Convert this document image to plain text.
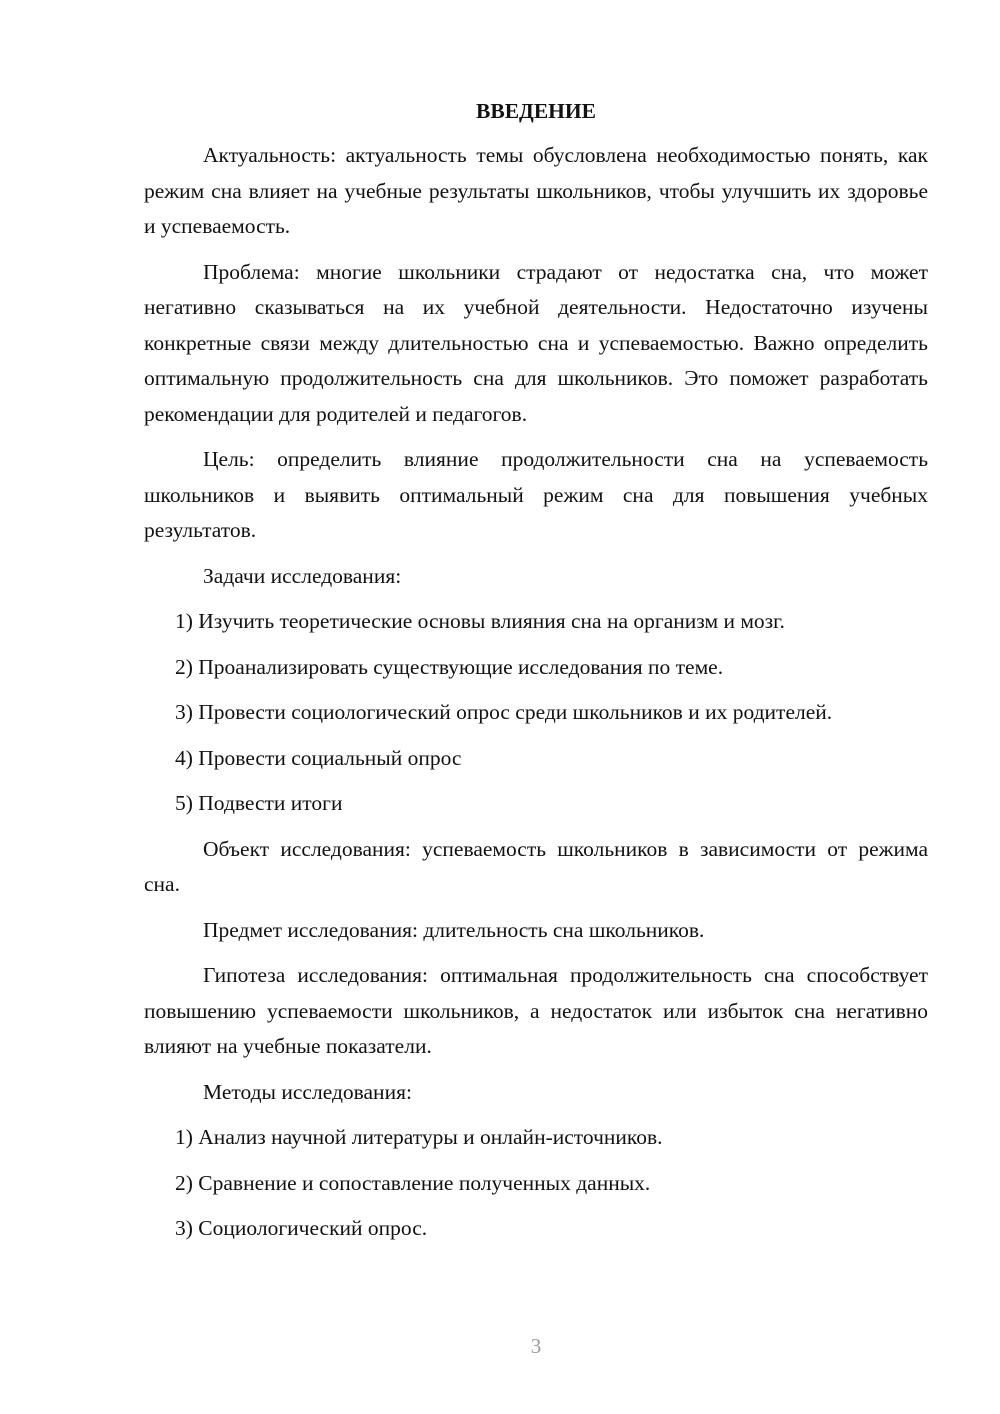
ВВЕДЕНИЕ

Актуальность: актуальность темы обусловлена необходимостью понять, как режим сна влияет на учебные результаты школьников, чтобы улучшить их здоровье и успеваемость.

Проблема: многие школьники страдают от недостатка сна, что может негативно сказываться на их учебной деятельности. Недостаточно изучены конкретные связи между длительностью сна и успеваемостью. Важно определить оптимальную продолжительность сна для школьников. Это поможет разработать рекомендации для родителей и педагогов.

Цель: определить влияние продолжительности сна на успеваемость школьников и выявить оптимальный режим сна для повышения учебных результатов.

Задачи исследования:

1) Изучить теоретические основы влияния сна на организм и мозг.

2) Проанализировать существующие исследования по теме.

3) Провести социологический опрос среди школьников и их родителей.

4) Провести социальный опрос

5) Подвести итоги

Объект исследования: успеваемость школьников в зависимости от режима сна.

Предмет исследования: длительность сна школьников.

Гипотеза исследования: оптимальная продолжительность сна способствует повышению успеваемости школьников, а недостаток или избыток сна негативно влияют на учебные показатели.

Методы исследования:

1) Анализ научной литературы и онлайн-источников.

2) Сравнение и сопоставление полученных данных.

3) Социологический опрос.

3
